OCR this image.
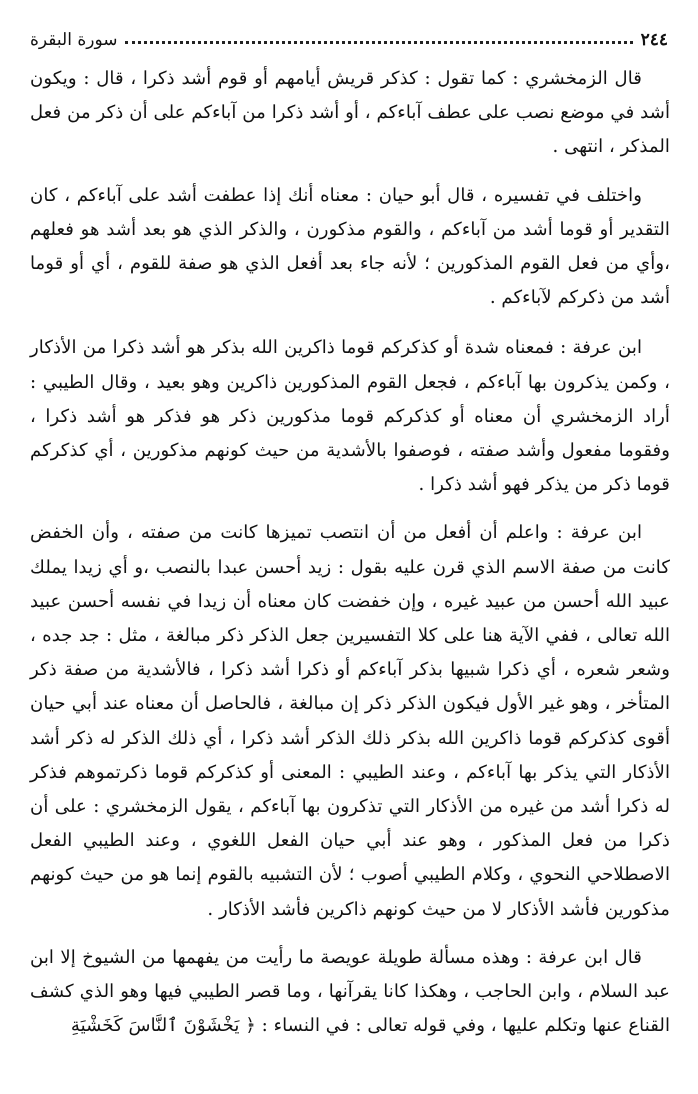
٢٤٤
سورة البقرة

قال الزمخشري : كما تقول : كذكر قريش أيامهم أو قوم أشد ذكرا ، قال : ويكون أشد في موضع نصب على عطف آباءكم ، أو أشد ذكرا من آباءكم على أن ذكر من فعل المذكر ، انتهى .

واختلف في تفسيره ، قال أبو حيان : معناه أنك إذا عطفت أشد على آباءكم ، كان التقدير أو قوما أشد من آباءكم ، والقوم مذكورن ، والذكر الذي هو بعد أشد هو فعلهم ،وأي من فعل القوم المذكورين ؛ لأنه جاء بعد أفعل الذي هو صفة للقوم ، أي أو قوما أشد من ذكركم لآباءكم .

ابن عرفة : فمعناه شدة أو كذكركم قوما ذاكرين الله بذكر هو أشد ذكرا من الأذكار ، وكمن يذكرون بها آباءكم ، فجعل القوم المذكورين ذاكرين وهو بعيد ، وقال الطيبي : أراد الزمخشري أن معناه أو كذكركم قوما مذكورين ذكر هو فذكر هو أشد ذكرا ، وفقوما مفعول وأشد صفته ، فوصفوا بالأشدية من حيث كونهم مذكورين ، أي كذكركم قوما ذكر من يذكر فهو أشد ذكرا .

ابن عرفة : واعلم أن أفعل من أن انتصب تميزها كانت من صفته ، وأن الخفض كانت من صفة الاسم الذي قرن عليه بقول : زيد أحسن عبدا بالنصب ،و أي زيدا يملك عبيد الله أحسن من عبيد غيره ، وإن خفضت كان معناه أن زيدا في نفسه أحسن عبيد الله تعالى ، ففي الآية هنا على كلا التفسيرين جعل الذكر ذكر مبالغة ، مثل : جد جده ، وشعر شعره ، أي ذكرا شبيها بذكر آباءكم أو ذكرا أشد ذكرا ، فالأشدية من صفة ذكر المتأخر ، وهو غير الأول فيكون الذكر ذكر إن مبالغة ، فالحاصل أن معناه عند أبي حيان أقوى كذكركم قوما ذاكرين الله بذكر ذلك الذكر أشد ذكرا ، أي ذلك الذكر له ذكر أشد الأذكار التي يذكر بها آباءكم ، وعند الطيبي : المعنى أو كذكركم قوما ذكرتموهم فذكر له ذكرا أشد من غيره من الأذكار التي تذكرون بها آباءكم ، يقول الزمخشري : على أن ذكرا من فعل المذكور ، وهو عند أبي حيان الفعل اللغوي ، وعند الطيبي الفعل الاصطلاحي النحوي ، وكلام الطيبي أصوب ؛ لأن التشبيه بالقوم إنما هو من حيث كونهم مذكورين فأشد الأذكار لا من حيث كونهم ذاكرين فأشد الأذكار .

قال ابن عرفة : وهذه مسألة طويلة عويصة ما رأيت من يفهمها من الشيوخ إلا ابن عبد السلام ، وابن الحاجب ، وهكذا كانا يقرآنها ، وما قصر الطيبي فيها وهو الذي كشف القناع عنها وتكلم عليها ، وفي قوله تعالى : في النساء : ﴿ يَخْشَوْنَ ٱلنَّاسَ كَخَشْيَةِ
